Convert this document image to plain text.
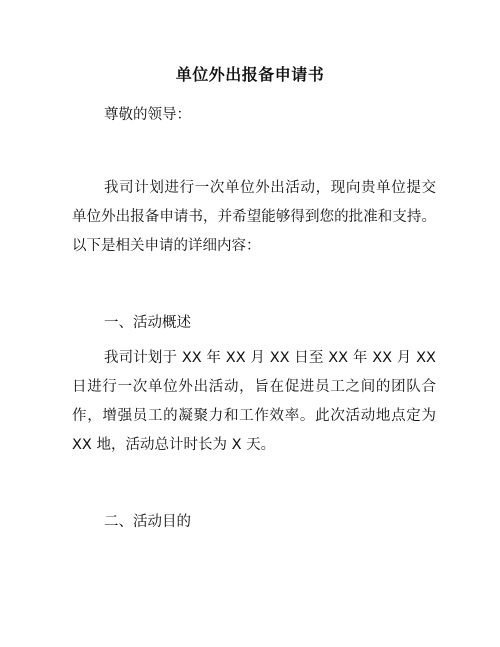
单位外出报备申请书
尊敬的领导：

我司计划进行一次单位外出活动，现向贵单位提交单位外出报备申请书，并希望能够得到您的批准和支持。以下是相关申请的详细内容：

一、活动概述

我司计划于 XX 年 XX 月 XX 日至 XX 年 XX 月 XX 日进行一次单位外出活动，旨在促进员工之间的团队合作，增强员工的凝聚力和工作效率。此次活动地点定为 XX 地，活动总计时长为 X 天。

二、活动目的
